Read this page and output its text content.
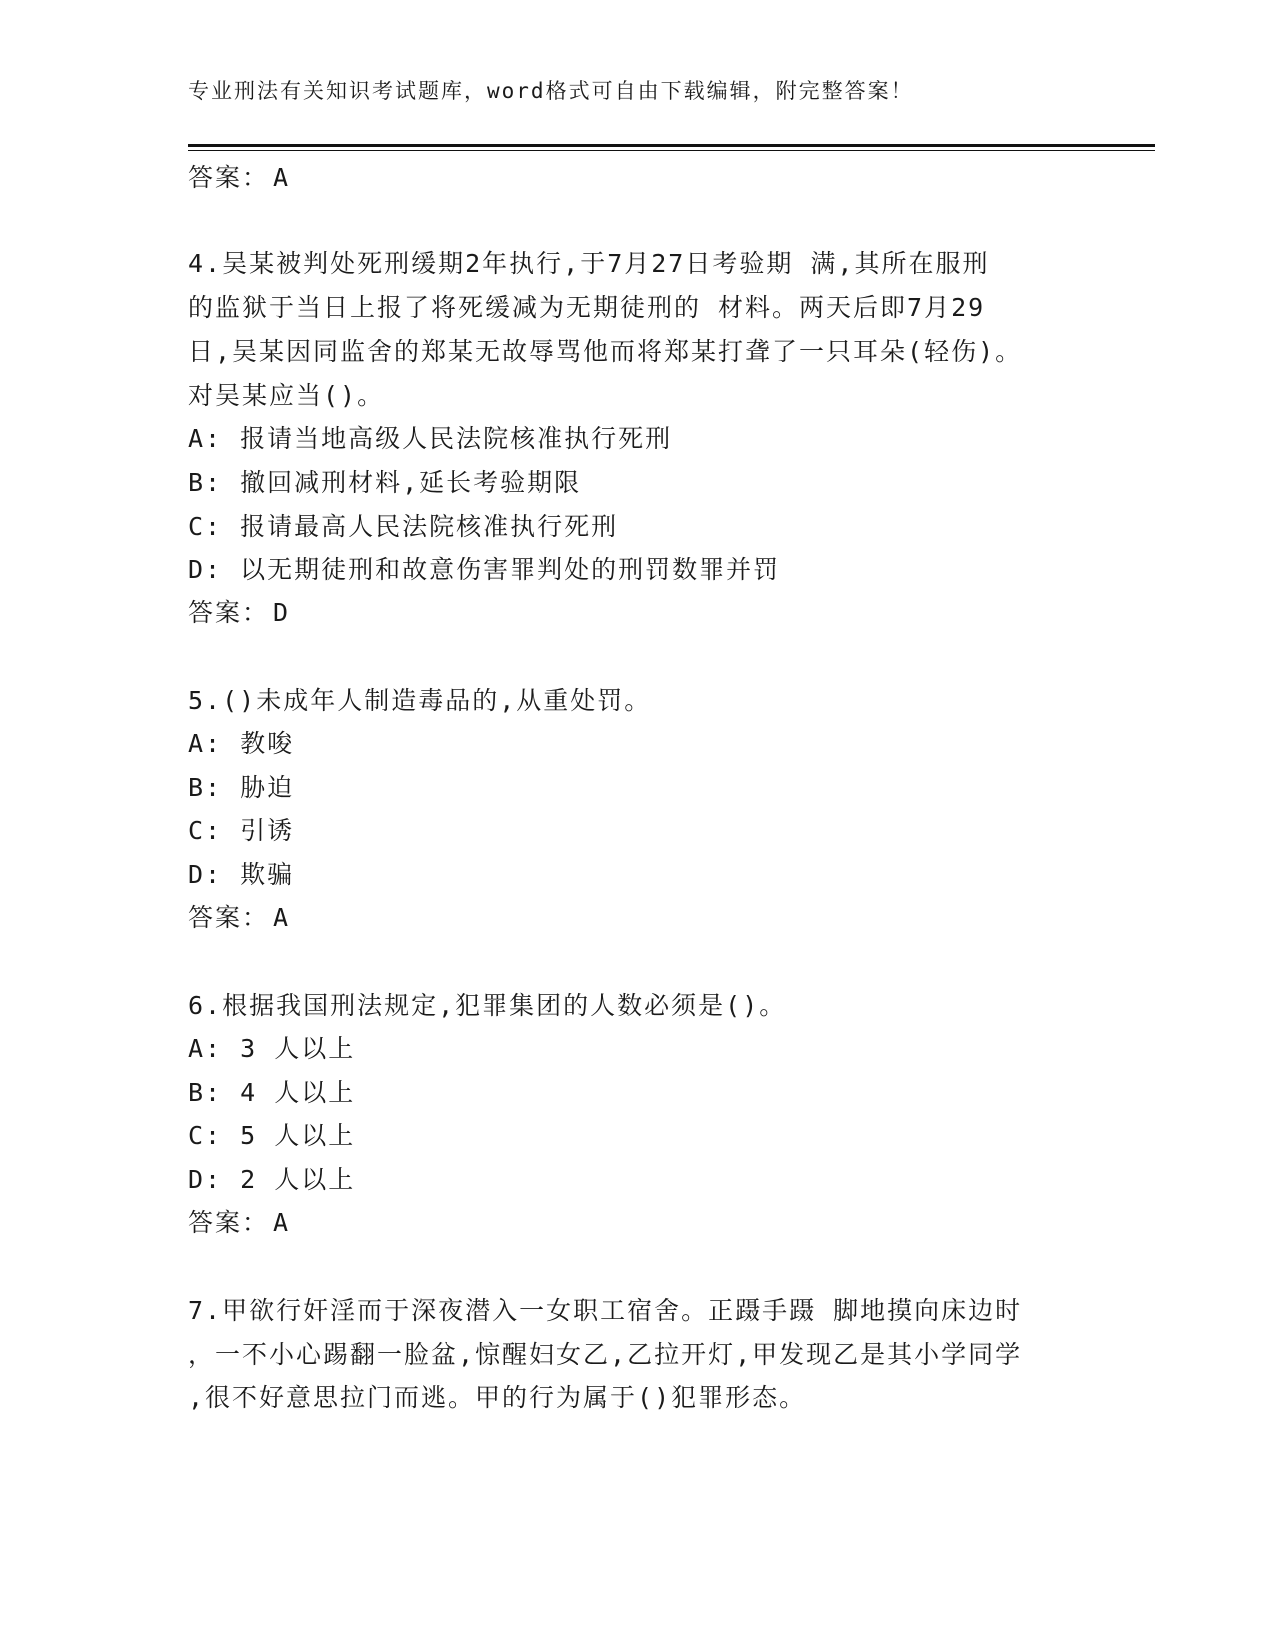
专业刑法有关知识考试题库，word格式可自由下载编辑，附完整答案！
答案： A
4.吴某被判处死刑缓期2年执行,于7月27日考验期 满,其所在服刑
的监狱于当日上报了将死缓减为无期徒刑的 材料。两天后即7月29
日,吴某因同监舍的郑某无故辱骂他而将郑某打聋了一只耳朵(轻伤)。
对吴某应当()。
A: 报请当地高级人民法院核准执行死刑
B: 撤回减刑材料,延长考验期限
C: 报请最高人民法院核准执行死刑
D: 以无期徒刑和故意伤害罪判处的刑罚数罪并罚
答案： D
5.()未成年人制造毒品的,从重处罚。
A: 教唆
B: 胁迫
C: 引诱
D: 欺骗
答案： A
6.根据我国刑法规定,犯罪集团的人数必须是()。
A: 3 人以上
B: 4 人以上
C: 5 人以上
D: 2 人以上
答案： A
7.甲欲行奸淫而于深夜潜入一女职工宿舍。正蹑手蹑 脚地摸向床边时
，一不小心踢翻一脸盆,惊醒妇女乙,乙拉开灯,甲发现乙是其小学同学
,很不好意思拉门而逃。甲的行为属于()犯罪形态。
